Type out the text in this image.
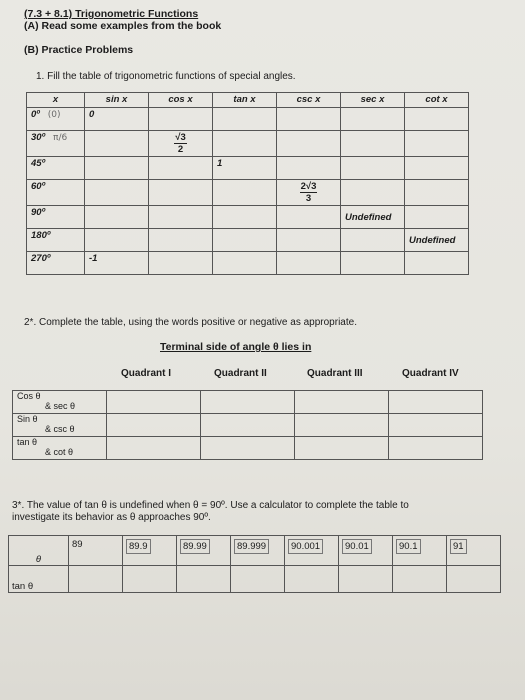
(7.3 + 8.1) Trigonometric Functions
(A) Read some examples from the book
(B) Practice Problems
1. Fill the table of trigonometric functions of special angles.
x	sin x	cos x	tan x	csc x	sec x	cot x
0º (0)	0					
30º π/6		$\frac{√3}{2}$

45º			1			
60º				$\frac{2√3}{3}$

90º					Undefined	
180º						Undefined
270º	-1					
2*. Complete the table, using the words positive or negative as appropriate.
Terminal side of angle θ lies in
Quadrant I	Quadrant II	Quadrant III	Quadrant IV
Cos θ
& sec θ				

Sin θ
& csc θ				

tan θ
& cot θ				

3*. The value of tan θ is undefined when θ = 90º. Use a calculator to complete the table to
investigate its behavior as θ approaches 90º.
θ	89	89.9	89.99	89.999	90.001	90.01	90.1	91
tan θ								
